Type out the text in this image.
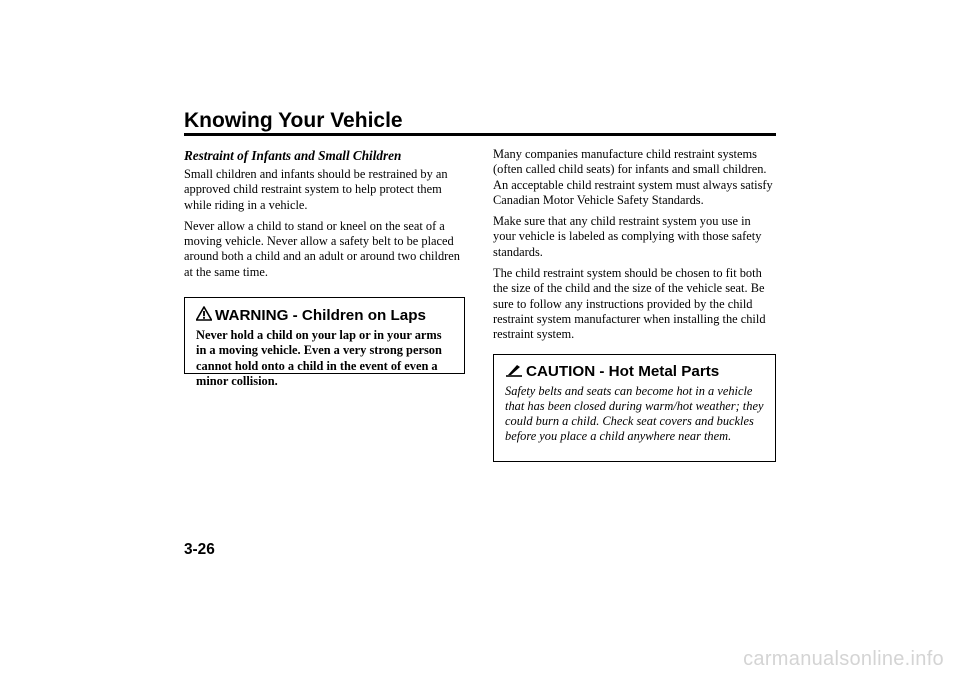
Knowing Your Vehicle
Restraint of Infants and Small Children

Small children and infants should be restrained by an approved child restraint system to help protect them while riding in a vehicle.

Never allow a child to stand or kneel on the seat of a moving vehicle. Never allow a safety belt to be placed around both a child and an adult or around two children at the same time.

WARNING - Children on Laps
Never hold a child on your lap or in your arms in a moving vehicle. Even a very strong person cannot hold onto a child in the event of even a minor collision.

Many companies manufacture child restraint systems (often called child seats) for infants and small children. An acceptable child restraint system must always satisfy Canadian Motor Vehicle Safety Standards.

Make sure that any child restraint system you use in your vehicle is labeled as complying with those safety standards.

The child restraint system should be chosen to fit both the size of the child and the size of the vehicle seat. Be sure to follow any instructions provided by the child restraint system manufacturer when installing the child restraint system.

CAUTION - Hot Metal Parts
Safety belts and seats can become hot in a vehicle that has been closed during warm/hot weather; they could burn a child. Check seat covers and buckles before you place a child anywhere near them.
3-26
carmanualsonline.info
